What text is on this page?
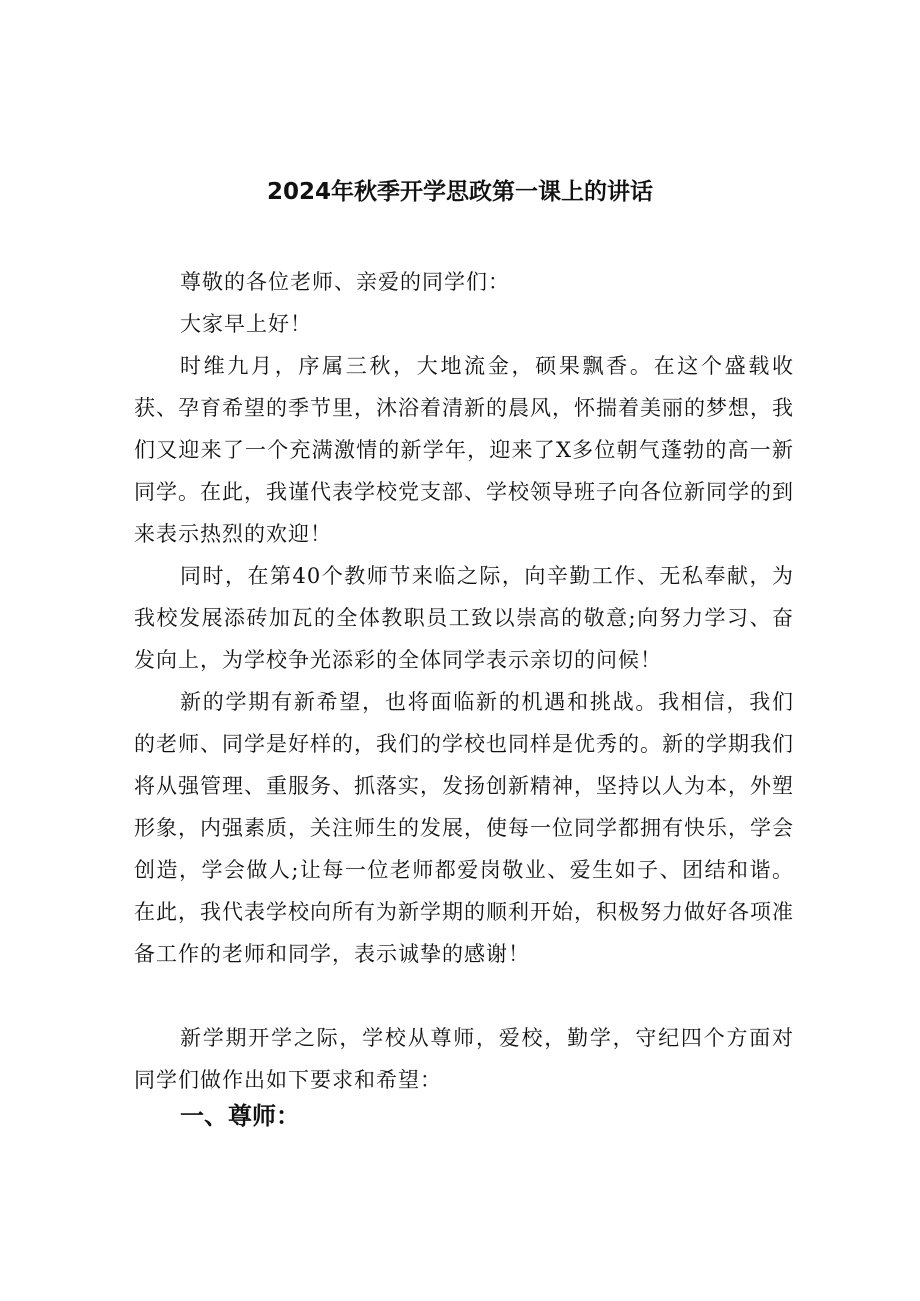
2024年秋季开学思政第一课上的讲话

尊敬的各位老师、亲爱的同学们：

大家早上好！

时维九月，序属三秋，大地流金，硕果飘香。在这个盛载收获、孕育希望的季节里，沐浴着清新的晨风，怀揣着美丽的梦想，我们又迎来了一个充满激情的新学年，迎来了X多位朝气蓬勃的高一新同学。在此，我谨代表学校党支部、学校领导班子向各位新同学的到来表示热烈的欢迎！

同时，在第40个教师节来临之际，向辛勤工作、无私奉献，为我校发展添砖加瓦的全体教职员工致以崇高的敬意;向努力学习、奋发向上，为学校争光添彩的全体同学表示亲切的问候！

新的学期有新希望，也将面临新的机遇和挑战。我相信，我们的老师、同学是好样的，我们的学校也同样是优秀的。新的学期我们将从强管理、重服务、抓落实，发扬创新精神，坚持以人为本，外塑形象，内强素质，关注师生的发展，使每一位同学都拥有快乐，学会创造，学会做人;让每一位老师都爱岗敬业、爱生如子、团结和谐。在此，我代表学校向所有为新学期的顺利开始，积极努力做好各项准备工作的老师和同学，表示诚挚的感谢！

新学期开学之际，学校从尊师，爱校，勤学，守纪四个方面对同学们做作出如下要求和希望：

一、尊师：
